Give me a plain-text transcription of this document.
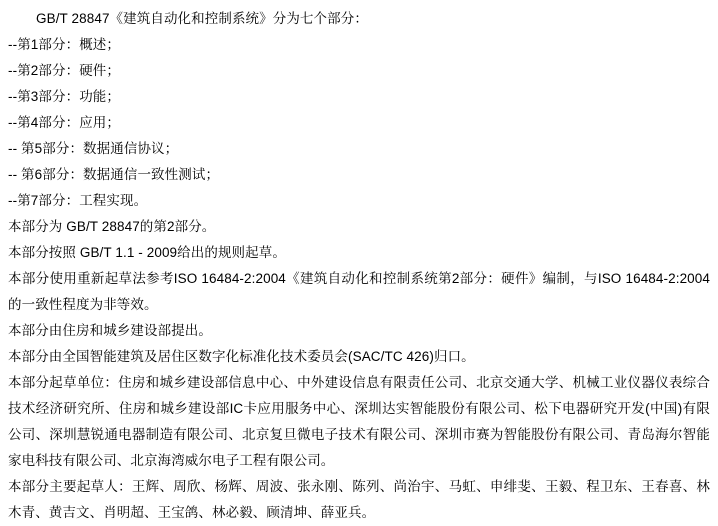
GB/T 28847《建筑自动化和控制系统》分为七个部分：
--第1部分：概述；
--第2部分：硬件；
--第3部分：功能；
--第4部分：应用；
-- 第5部分：数据通信协议；
-- 第6部分：数据通信一致性测试；
--第7部分：工程实现。
本部分为 GB/T 28847的第2部分。
本部分按照 GB/T 1.1 - 2009给出的规则起草。
本部分使用重新起草法参考ISO 16484-2:2004《建筑自动化和控制系统第2部分：硬件》编制，与ISO 16484-2:2004的一致性程度为非等效。
本部分由住房和城乡建设部提出。
本部分由全国智能建筑及居住区数字化标准化技术委员会(SAC/TC 426)归口。
本部分起草单位：住房和城乡建设部信息中心、中外建设信息有限责任公司、北京交通大学、机械工业仪器仪表综合技术经济研究所、住房和城乡建设部IC卡应用服务中心、深圳达实智能股份有限公司、松下电器研究开发(中国)有限公司、深圳慧锐通电器制造有限公司、北京复旦微电子技术有限公司、深圳市赛为智能股份有限公司、青岛海尔智能家电科技有限公司、北京海湾威尔电子工程有限公司。
本部分主要起草人：王辉、周欣、杨辉、周波、张永刚、陈列、尚治宇、马虹、申绯斐、王毅、程卫东、王春喜、林木青、黄吉文、肖明超、王宝鸽、林必毅、顾清坤、薛亚兵。
